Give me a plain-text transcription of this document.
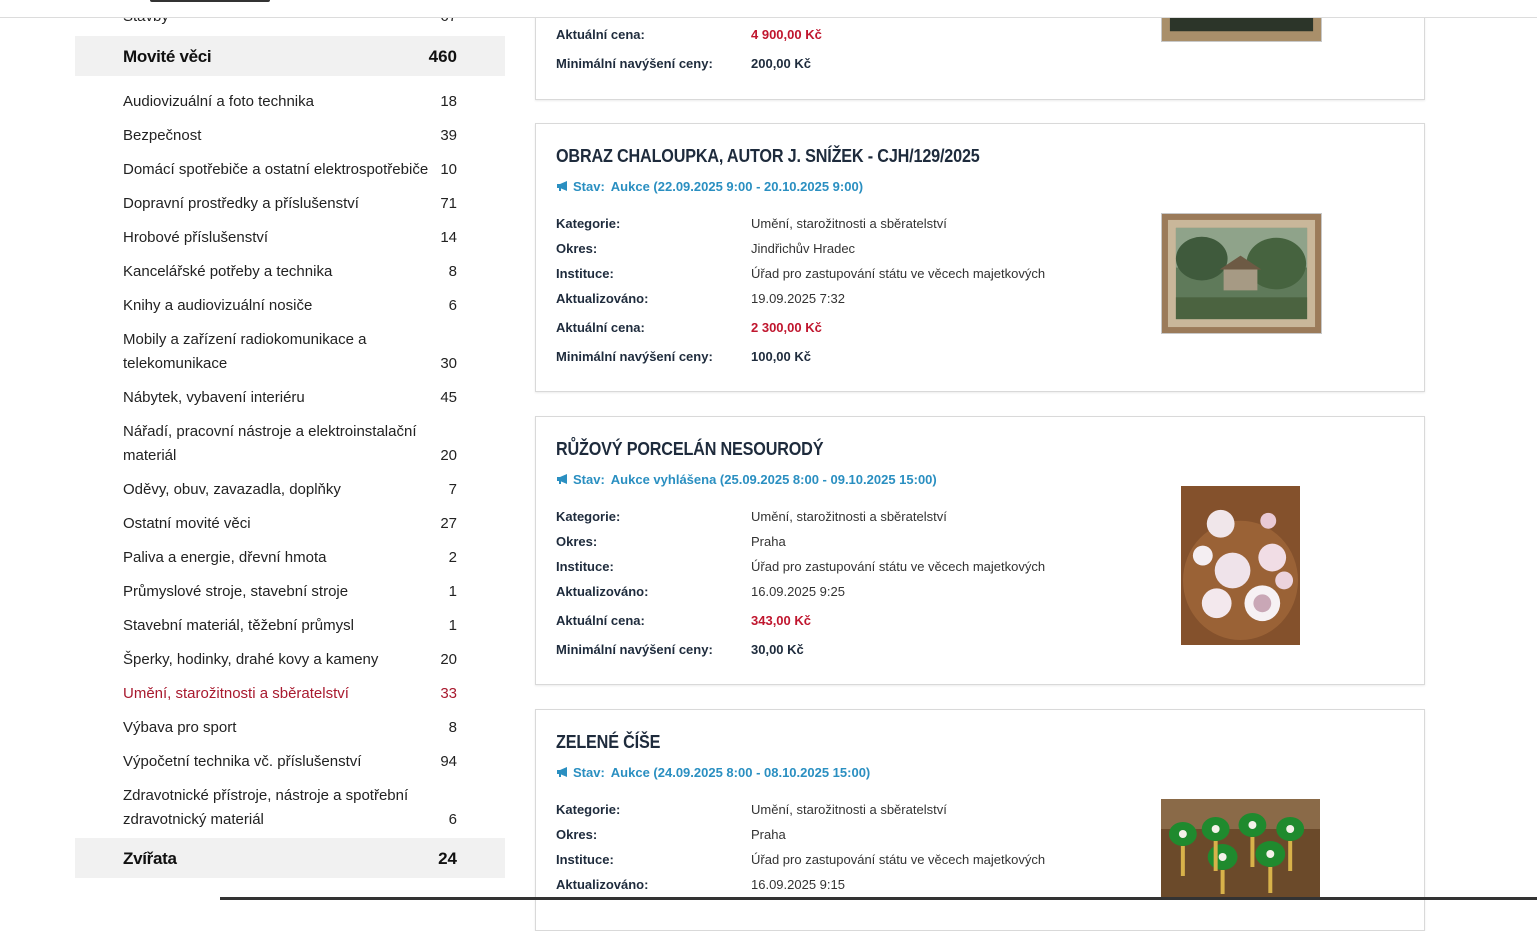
Movité věci	460
Audiovizuální a foto technika	18
Bezpečnost	39
Domácí spotřebiče a ostatní elektrospotřebiče 10
Dopravní prostředky a příslušenství	71
Hrobové příslušenství	14
Kancelářské potřeby a technika	8
Knihy a audiovizuální nosiče	6
Mobily a zařízení radiokomunikace a telekomunikace	30
Nábytek, vybavení interiéru	45
Nářadí, pracovní nástroje a elektroinstalační materiál	20
Oděvy, obuv, zavazadla, doplňky	7
Ostatní movité věci	27
Paliva a energie, dřevní hmota	2
Průmyslové stroje, stavební stroje	1
Stavební materiál, těžební průmysl	1
Šperky, hodinky, drahé kovy a kameny	20
Umění, starožitnosti a sběratelství	33
Výbava pro sport	8
Výpočetní technika vč. příslušenství	94
Zdravotnické přístroje, nástroje a spotřební zdravotnický materiál	6
Zvířata	24
Aktuální cena:	4 900,00 Kč
Minimální navýšení ceny:	200,00 Kč
OBRAZ CHALOUPKA, AUTOR J. SNÍŽEK - CJH/129/2025
Stav: Aukce (22.09.2025 9:00 - 20.10.2025 9:00)
Kategorie:	Umění, starožitnosti a sběratelství
Okres:	Jindřichův Hradec
Instituce:	Úřad pro zastupování státu ve věcech majetkových
Aktualizováno:	19.09.2025 7:32
Aktuální cena:	2 300,00 Kč
Minimální navýšení ceny:	100,00 Kč
RŮŽOVÝ PORCELÁN NESOURODÝ
Stav: Aukce vyhlášena (25.09.2025 8:00 - 09.10.2025 15:00)
Kategorie:	Umění, starožitnosti a sběratelství
Okres:	Praha
Instituce:	Úřad pro zastupování státu ve věcech majetkových
Aktualizováno:	16.09.2025 9:25
Aktuální cena:	343,00 Kč
Minimální navýšení ceny:	30,00 Kč
ZELENÉ ČÍŠE
Stav: Aukce (24.09.2025 8:00 - 08.10.2025 15:00)
Kategorie:	Umění, starožitnosti a sběratelství
Okres:	Praha
Instituce:	Úřad pro zastupování státu ve věcech majetkových
Aktualizováno:	16.09.2025 9:15
